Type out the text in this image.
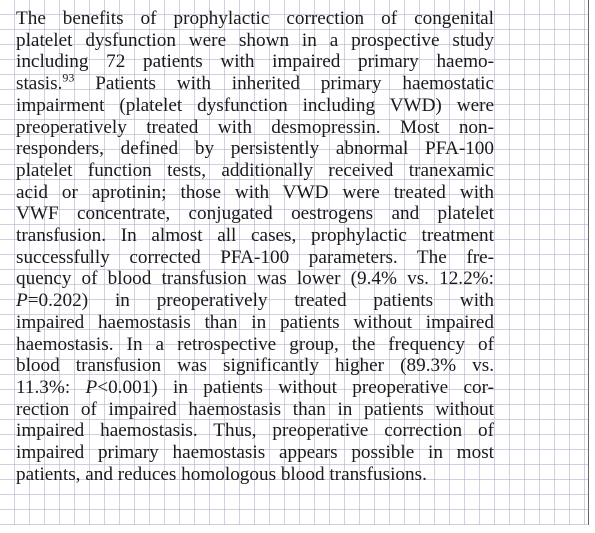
The benefits of prophylactic correction of congenital
platelet dysfunction were shown in a prospective study
including 72 patients with impaired primary haemo-
stasis.$^{93}$ Patients with inherited primary haemostatic
impairment (platelet dysfunction including VWD) were
preoperatively treated with desmopressin. Most non-
responders, defined by persistently abnormal PFA-100
platelet function tests, additionally received tranexamic
acid or aprotinin; those with VWD were treated with
VWF concentrate, conjugated oestrogens and platelet
transfusion. In almost all cases, prophylactic treatment
successfully corrected PFA-100 parameters. The fre-
quency of blood transfusion was lower (9.4% vs. 12.2%:
P=0.202) in preoperatively treated patients with
impaired haemostasis than in patients without impaired
haemostasis. In a retrospective group, the frequency of
blood transfusion was significantly higher (89.3% vs.
11.3%: P<0.001) in patients without preoperative cor-
rection of impaired haemostasis than in patients without
impaired haemostasis. Thus, preoperative correction of
impaired primary haemostasis appears possible in most
patients, and reduces homologous blood transfusions.
